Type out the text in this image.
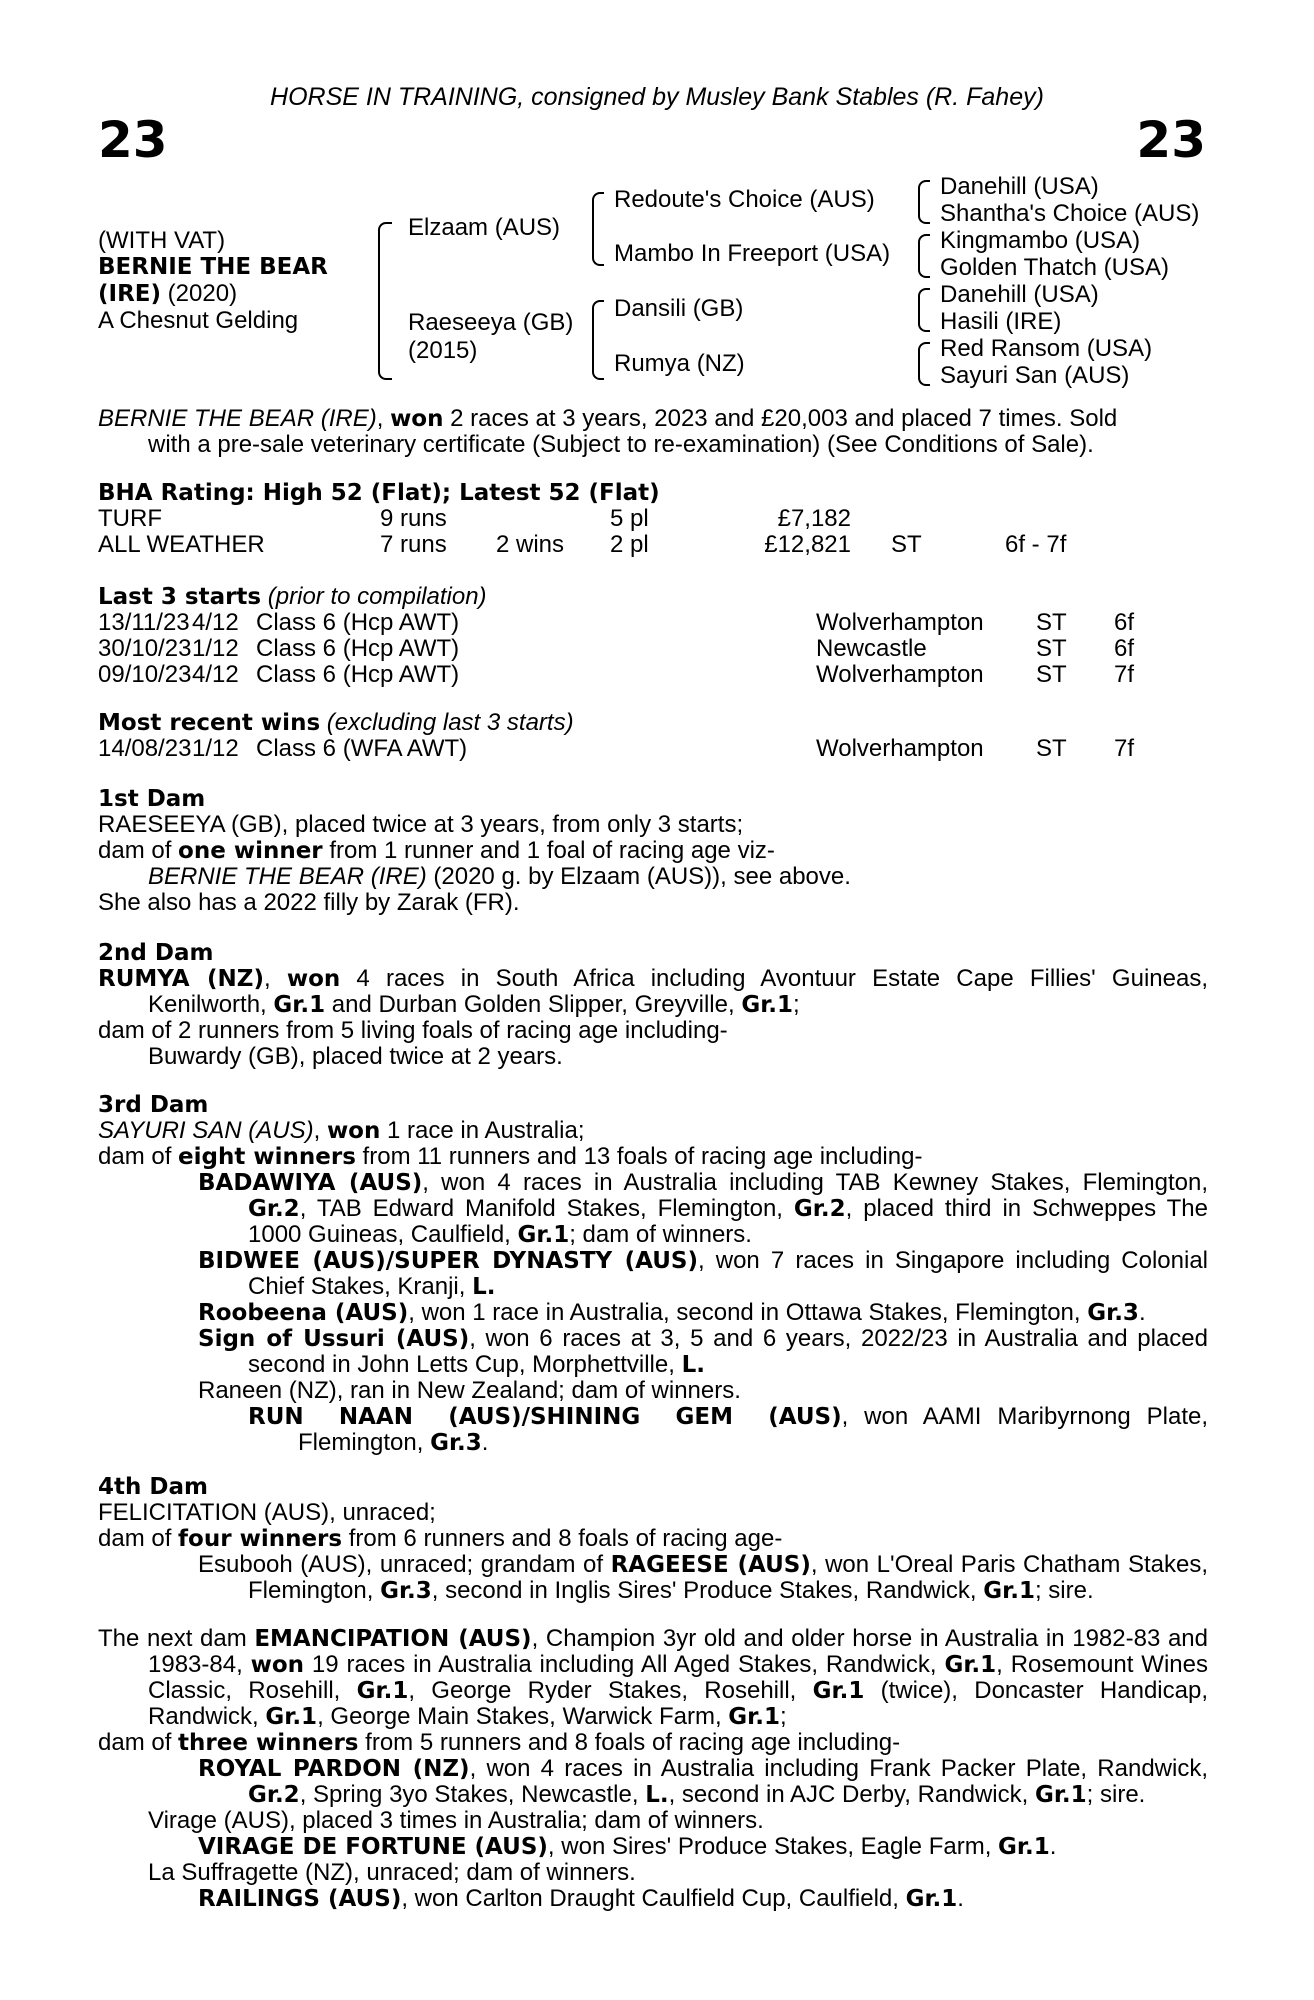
HORSE IN TRAINING, consigned by Musley Bank Stables (R. Fahey)
23	23
(WITH VAT)
BERNIE THE BEAR
(IRE) (2020)
A Chesnut Gelding
Elzaam (AUS)
Raeseeya (GB)
(2015)
Redoute's Choice (AUS)
Mambo In Freeport (USA)
Dansili (GB)
Rumya (NZ)
Danehill (USA)
Shantha's Choice (AUS)
Kingmambo (USA)
Golden Thatch (USA)
Danehill (USA)
Hasili (IRE)
Red Ransom (USA)
Sayuri San (AUS)
BERNIE THE BEAR (IRE), won 2 races at 3 years, 2023 and £20,003 and placed 7 times. Sold
with a pre-sale veterinary certificate (Subject to re-examination) (See Conditions of Sale).
BHA Rating: High 52 (Flat); Latest 52 (Flat)
TURF	9 runs		5 pl	£7,182			
ALL WEATHER	7 runs	2 wins	2 pl	£12,821		ST	6f - 7f
Last 3 starts (prior to compilation)
13/11/23	4/12	Class 6 (Hcp AWT)	Wolverhampton	ST	6f
30/10/23	1/12	Class 6 (Hcp AWT)	Newcastle	ST	6f
09/10/23	4/12	Class 6 (Hcp AWT)	Wolverhampton	ST	7f
Most recent wins (excluding last 3 starts)
14/08/23	1/12	Class 6 (WFA AWT)	Wolverhampton	ST	7f
1st Dam
RAESEEYA (GB), placed twice at 3 years, from only 3 starts;
dam of one winner from 1 runner and 1 foal of racing age viz-
BERNIE THE BEAR (IRE) (2020 g. by Elzaam (AUS)), see above.
She also has a 2022 filly by Zarak (FR).
2nd Dam
RUMYA (NZ), won 4 races in South Africa including Avontuur Estate Cape Fillies' Guineas, Kenilworth, Gr.1 and Durban Golden Slipper, Greyville, Gr.1;
dam of 2 runners from 5 living foals of racing age including-
Buwardy (GB), placed twice at 2 years.
3rd Dam
SAYURI SAN (AUS), won 1 race in Australia;
dam of eight winners from 11 runners and 13 foals of racing age including-
BADAWIYA (AUS), won 4 races in Australia including TAB Kewney Stakes, Flemington, Gr.2, TAB Edward Manifold Stakes, Flemington, Gr.2, placed third in Schweppes The 1000 Guineas, Caulfield, Gr.1; dam of winners.
BIDWEE (AUS)/SUPER DYNASTY (AUS), won 7 races in Singapore including Colonial Chief Stakes, Kranji, L.
Roobeena (AUS), won 1 race in Australia, second in Ottawa Stakes, Flemington, Gr.3.
Sign of Ussuri (AUS), won 6 races at 3, 5 and 6 years, 2022/23 in Australia and placed second in John Letts Cup, Morphettville, L.
Raneen (NZ), ran in New Zealand; dam of winners.
RUN NAAN (AUS)/SHINING GEM (AUS), won AAMI Maribyrnong Plate, Flemington, Gr.3.
4th Dam
FELICITATION (AUS), unraced;
dam of four winners from 6 runners and 8 foals of racing age-
Esubooh (AUS), unraced; grandam of RAGEESE (AUS), won L'Oreal Paris Chatham Stakes, Flemington, Gr.3, second in Inglis Sires' Produce Stakes, Randwick, Gr.1; sire.
The next dam EMANCIPATION (AUS), Champion 3yr old and older horse in Australia in 1982-83 and 1983-84, won 19 races in Australia including All Aged Stakes, Randwick, Gr.1, Rosemount Wines Classic, Rosehill, Gr.1, George Ryder Stakes, Rosehill, Gr.1 (twice), Doncaster Handicap, Randwick, Gr.1, George Main Stakes, Warwick Farm, Gr.1;
dam of three winners from 5 runners and 8 foals of racing age including-
ROYAL PARDON (NZ), won 4 races in Australia including Frank Packer Plate, Randwick, Gr.2, Spring 3yo Stakes, Newcastle, L., second in AJC Derby, Randwick, Gr.1; sire.
Virage (AUS), placed 3 times in Australia; dam of winners.
VIRAGE DE FORTUNE (AUS), won Sires' Produce Stakes, Eagle Farm, Gr.1.
La Suffragette (NZ), unraced; dam of winners.
RAILINGS (AUS), won Carlton Draught Caulfield Cup, Caulfield, Gr.1.
